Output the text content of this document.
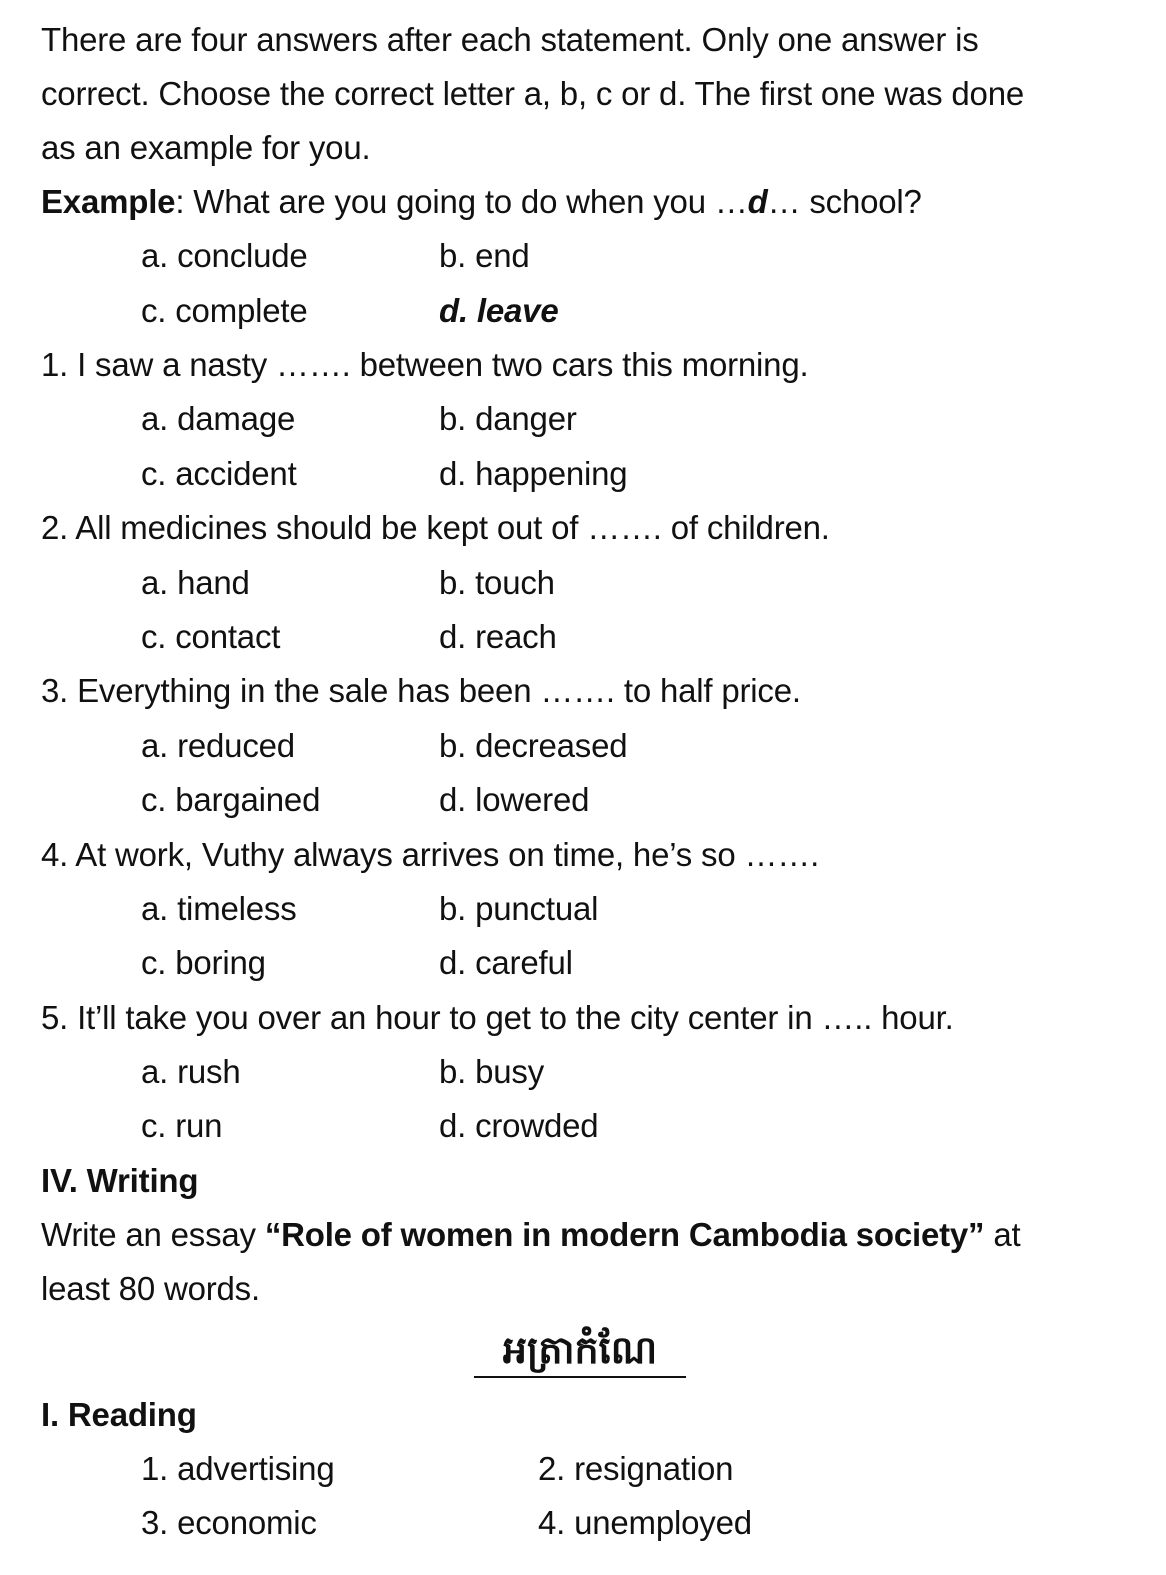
There are four answers after each statement. Only one answer is
correct. Choose the correct letter a, b, c or d. The first one was done
as an example for you.
Example: What are you going to do when you …d… school?
a. conclude	b. end
c. complete	d. leave
1. I saw a nasty ……. between two cars this morning.
a. damage	b. danger
c. accident	d. happening
2. All medicines should be kept out of ……. of children.
a. hand	b. touch
c. contact	d. reach
3. Everything in the sale has been ……. to half price.
a. reduced	b. decreased
c. bargained	d. lowered
4. At work, Vuthy always arrives on time, he’s so …….
a. timeless	b. punctual
c. boring	d. careful
5. It’ll take you over an hour to get to the city center in ….. hour.
a. rush	b. busy
c. run	d. crowded
IV. Writing
Write an essay “Role of women in modern Cambodia society” at
least 80 words.
អត្រាកំណែ
I. Reading
1. advertising	2. resignation
3. economic	4. unemployed
